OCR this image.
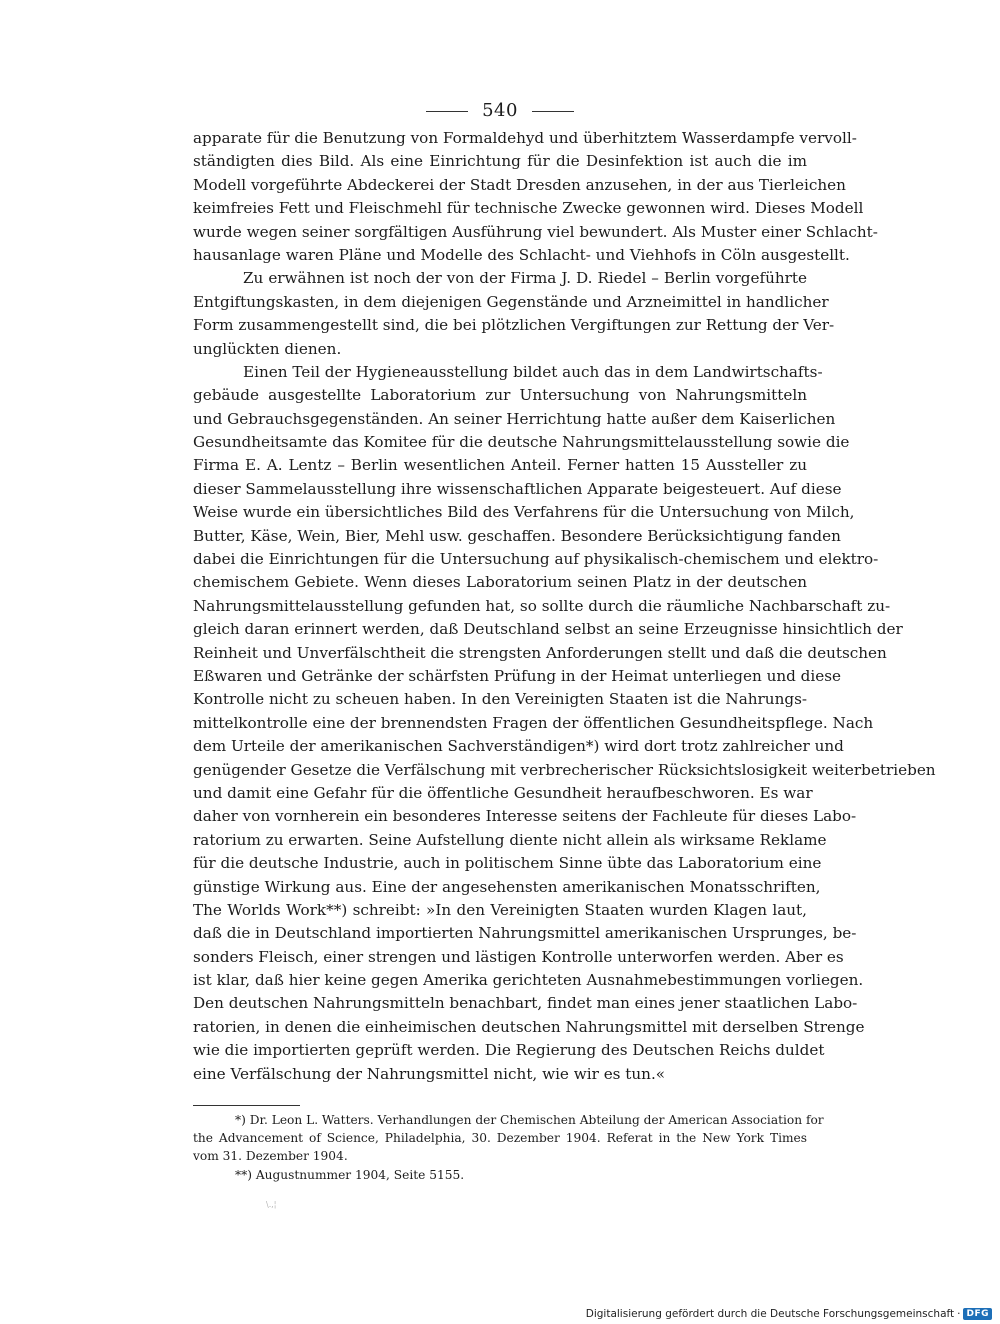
540
apparate für die Benutzung von Formaldehyd und überhitztem Wasserdampfe vervoll-
ständigten dies Bild. Als eine Einrichtung für die Desinfektion ist auch die im
Modell vorgeführte Abdeckerei der Stadt Dresden anzusehen, in der aus Tierleichen
keimfreies Fett und Fleischmehl für technische Zwecke gewonnen wird. Dieses Modell
wurde wegen seiner sorgfältigen Ausführung viel bewundert. Als Muster einer Schlacht-
hausanlage waren Pläne und Modelle des Schlacht- und Viehhofs in Cöln ausgestellt.
Zu erwähnen ist noch der von der Firma J. D. Riedel – Berlin vorgeführte
Entgiftungskasten, in dem diejenigen Gegenstände und Arzneimittel in handlicher
Form zusammengestellt sind, die bei plötzlichen Vergiftungen zur Rettung der Ver-
unglückten dienen.
Einen Teil der Hygieneausstellung bildet auch das in dem Landwirtschafts-
gebäude ausgestellte Laboratorium zur Untersuchung von Nahrungsmitteln
und Gebrauchsgegenständen. An seiner Herrichtung hatte außer dem Kaiserlichen
Gesundheitsamte das Komitee für die deutsche Nahrungsmittelausstellung sowie die
Firma E. A. Lentz – Berlin wesentlichen Anteil. Ferner hatten 15 Aussteller zu
dieser Sammelausstellung ihre wissenschaftlichen Apparate beigesteuert. Auf diese
Weise wurde ein übersichtliches Bild des Verfahrens für die Untersuchung von Milch,
Butter, Käse, Wein, Bier, Mehl usw. geschaffen. Besondere Berücksichtigung fanden
dabei die Einrichtungen für die Untersuchung auf physikalisch-chemischem und elektro-
chemischem Gebiete. Wenn dieses Laboratorium seinen Platz in der deutschen
Nahrungsmittelausstellung gefunden hat, so sollte durch die räumliche Nachbarschaft zu-
gleich daran erinnert werden, daß Deutschland selbst an seine Erzeugnisse hinsichtlich der
Reinheit und Unverfälschtheit die strengsten Anforderungen stellt und daß die deutschen
Eßwaren und Getränke der schärfsten Prüfung in der Heimat unterliegen und diese
Kontrolle nicht zu scheuen haben. In den Vereinigten Staaten ist die Nahrungs-
mittelkontrolle eine der brennendsten Fragen der öffentlichen Gesundheitspflege. Nach
dem Urteile der amerikanischen Sachverständigen*) wird dort trotz zahlreicher und
genügender Gesetze die Verfälschung mit verbrecherischer Rücksichtslosigkeit weiterbetrieben
und damit eine Gefahr für die öffentliche Gesundheit heraufbeschworen. Es war
daher von vornherein ein besonderes Interesse seitens der Fachleute für dieses Labo-
ratorium zu erwarten. Seine Aufstellung diente nicht allein als wirksame Reklame
für die deutsche Industrie, auch in politischem Sinne übte das Laboratorium eine
günstige Wirkung aus. Eine der angesehensten amerikanischen Monatsschriften,
The Worlds Work**) schreibt: »In den Vereinigten Staaten wurden Klagen laut,
daß die in Deutschland importierten Nahrungsmittel amerikanischen Ursprunges, be-
sonders Fleisch, einer strengen und lästigen Kontrolle unterworfen werden. Aber es
ist klar, daß hier keine gegen Amerika gerichteten Ausnahmebestimmungen vorliegen.
Den deutschen Nahrungsmitteln benachbart, findet man eines jener staatlichen Labo-
ratorien, in denen die einheimischen deutschen Nahrungsmittel mit derselben Strenge
wie die importierten geprüft werden. Die Regierung des Deutschen Reichs duldet
eine Verfälschung der Nahrungsmittel nicht, wie wir es tun.«
*) Dr. Leon L. Watters. Verhandlungen der Chemischen Abteilung der American Association for
the Advancement of Science, Philadelphia, 30. Dezember 1904. Referat in the New York Times
vom 31. Dezember 1904.
**) Augustnummer 1904, Seite 5155.
\.,¦
Digitalisierung gefördert durch die Deutsche Forschungsgemeinschaft · DFG
